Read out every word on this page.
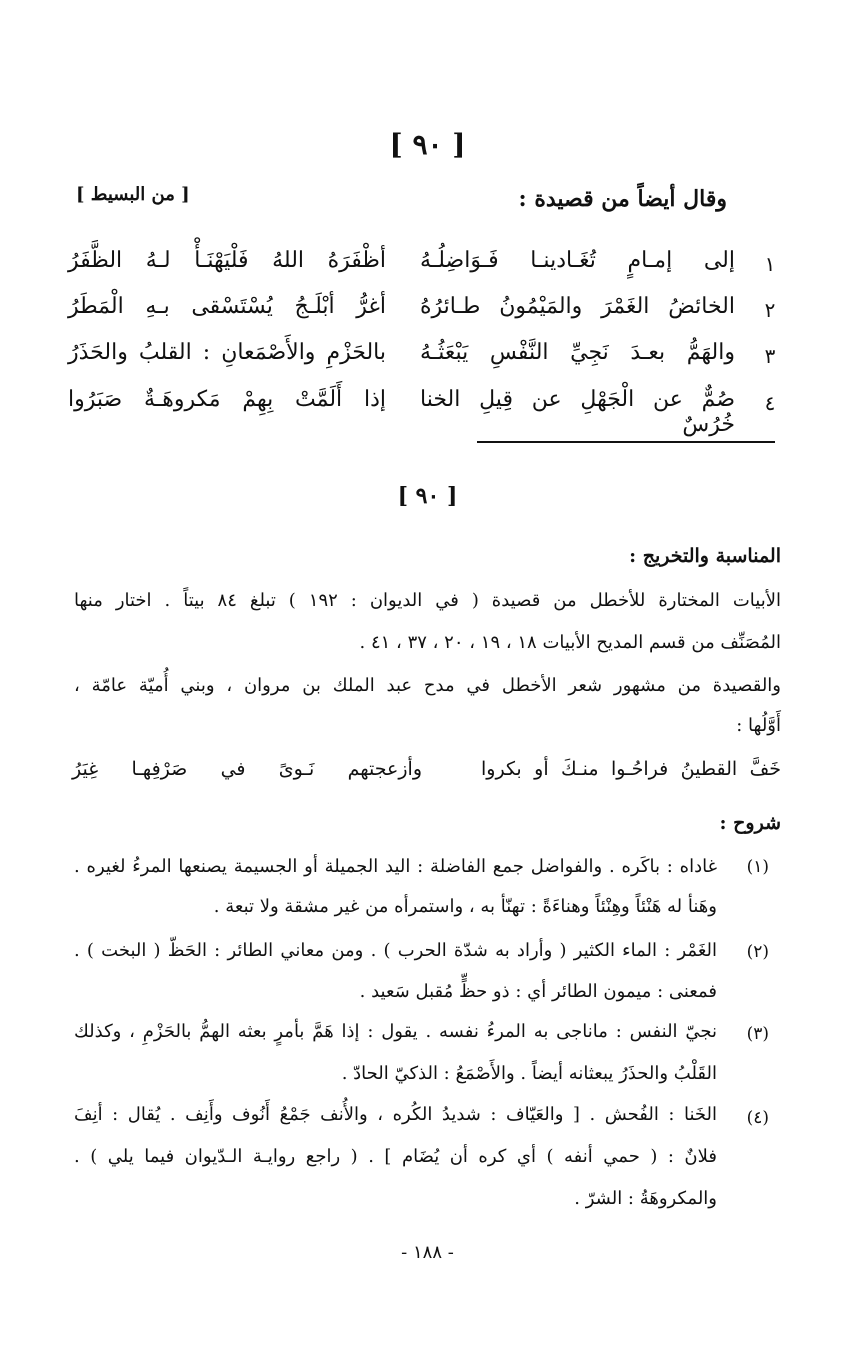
[ ٩٠ ]
وقال أيضاً من قصيدة :
[ من البسيط ]
١
إلى إمـامٍ تُغَـادينـا فَـوَاضِلُـهُ
أظْفَرَهُ اللهُ فَلْيَهْنَـأْ لـهُ الظَّفَرُ
٢
الخائضُ الغَمْرَ والمَيْمُونُ طـائرُهُ
أغرُّ أبْلَـجُ يُسْتَسْقى بـهِ الْمَطَرُ
٣
والهَمُّ بعـدَ نَجِيِّ النَّفْسِ يَبْعَثُـهُ
بالحَزْمِ والأَصْمَعانِ : القلبُ والحَذَرُ
٤
صُمٌّ عن الْجَهْلِ عن قِيلِ الخنا خُرُسٌ
إذا أَلَمَّتْ بِهِمْ مَكروهَـةٌ صَبَرُوا
[ ٩٠ ]
المناسبة والتخريج :
الأبيات المختارة للأخطل من قصيدة ( في الديوان : ١٩٢ ) تبلغ ٨٤ بيتاً . اختار منها
المُصَنِّف من قسم المديح الأبيات ١٨ ، ١٩ ، ٢٠ ، ٣٧ ، ٤١ .
والقصيدة من مشهور شعر الأخطل في مدح عبد الملك بن مروان ، وبني أُميّة عامّة ،
أَوَّلُها :
خَفَّ القطينُ فراحُـوا منـكَ أو بكروا
وأزعجتهم نَـوىً في صَرْفِهـا غِيَرُ
شروح :
(١)
غاداه : باكَره . والفواضل جمع الفاضلة : اليد الجميلة أو الجسيمة يصنعها المرءُ لغيره .
وهَنأ له هَنْئاً وهِنْئاً وهناءَةً : تهنّأ به ، واستمرأه من غير مشقة ولا تبعة .
(٢)
الغَمْر : الماء الكثير ( وأراد به شدّة الحرب ) . ومن معاني الطائر : الحَظّ ( البخت ) .
فمعنى : ميمون الطائر أي : ذو حظٍّ مُقبل سَعيد .
(٣)
نجيّ النفس : ماناجى به المرءُ نفسه . يقول : إذا هَمَّ بأمرٍ بعثه الهمُّ بالحَزْمِ ، وكذلك
القَلْبُ والحذَرُ يبعثانه أيضاً . والأَصْمَعُ : الذكيّ الحادّ .
(٤)
الخَنا : الفُحش . [ والعَيّاف : شديدُ الكُره ، والأُنف جَمْعُ أَنُوف وأَنِف . يُقال : أنِفَ
فلانٌ : ( حمي أنفه ) أي كره أن يُضَام ] . ( راجع روايـة الـدّيوان فيما يلي ) .
والمكروهَةُ : الشرّ .
- ١٨٨ -
